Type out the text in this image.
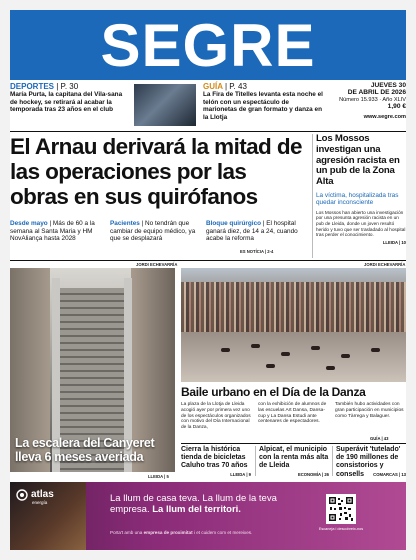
SEGRE
DEPORTES | P. 30
María Purta, la capitana del Vila-sana de hockey, se retirará al acabar la temporada tras 23 años en el club
GUÍA | P. 43
La Fira de Titelles levanta esta noche el telón con un espectáculo de marionetas de gran formato y danza en la Llotja
JUEVES 30
DE ABRIL DE 2026
Número 15.933 · Año XLIV
1,90 €
www.segre.com
El Arnau derivará la mitad de las operaciones por las obras en sus quirófanos
Desde mayo | Más de 60 a la semana al Santa Maria y HM NovAliança hasta 2028
Pacientes | No tendrán que cambiar de equipo médico, ya que se desplazará
Bloque quirúrgico | El hospital ganará diez, de 14 a 24, cuando acabe la reforma
ES NOTÍCIA | 2-4
Los Mossos investigan una agresión racista en un pub de la Zona Alta
La víctima, hospitalizada tras quedar inconsciente
Los Mossos han abierto una investigación por una presunta agresión racista en un pub de Lleida, donde un joven resultó herido y tuvo que ser trasladado al hospital tras perder el conocimiento.
LLEIDA | 10
JORDI ECHEVARRÍA	JORDI ECHEVARRÍA
La escalera del Canyeret lleva 6 meses averiada
LLEIDA | 5
Baile urbano en el Día de la Danza
La plaza de la Llotja de Lleida acogió ayer por primera vez uno de los espectáculos organizados con motivo del Día Internacional de la Danza,
con la exhibición de alumnos de las escuelas Art Dansa, Dansa-cup y La Dansa Estudi ante centenares de espectadores.
También hubo actividades con gran participación en municipios como Tàrrega y Balaguer.
GUÍA | 43
Cierra la histórica tienda de bicicletas Caluho tras 70 años
LLEIDA | 9
Alpicat, el municipio con la renta más alta de Lleida
ECONOMÍA | 26
Superávit 'tutelado' de 190 millones de consistorios y consells	COMARCAS | 13
atlas
energía	La llum de casa teva. La llum de la teva empresa. La llum del territori.
Porta't amb una empresa de proximitat i et cuidem com et mereixes.
Escaneja i descobreix-nos
